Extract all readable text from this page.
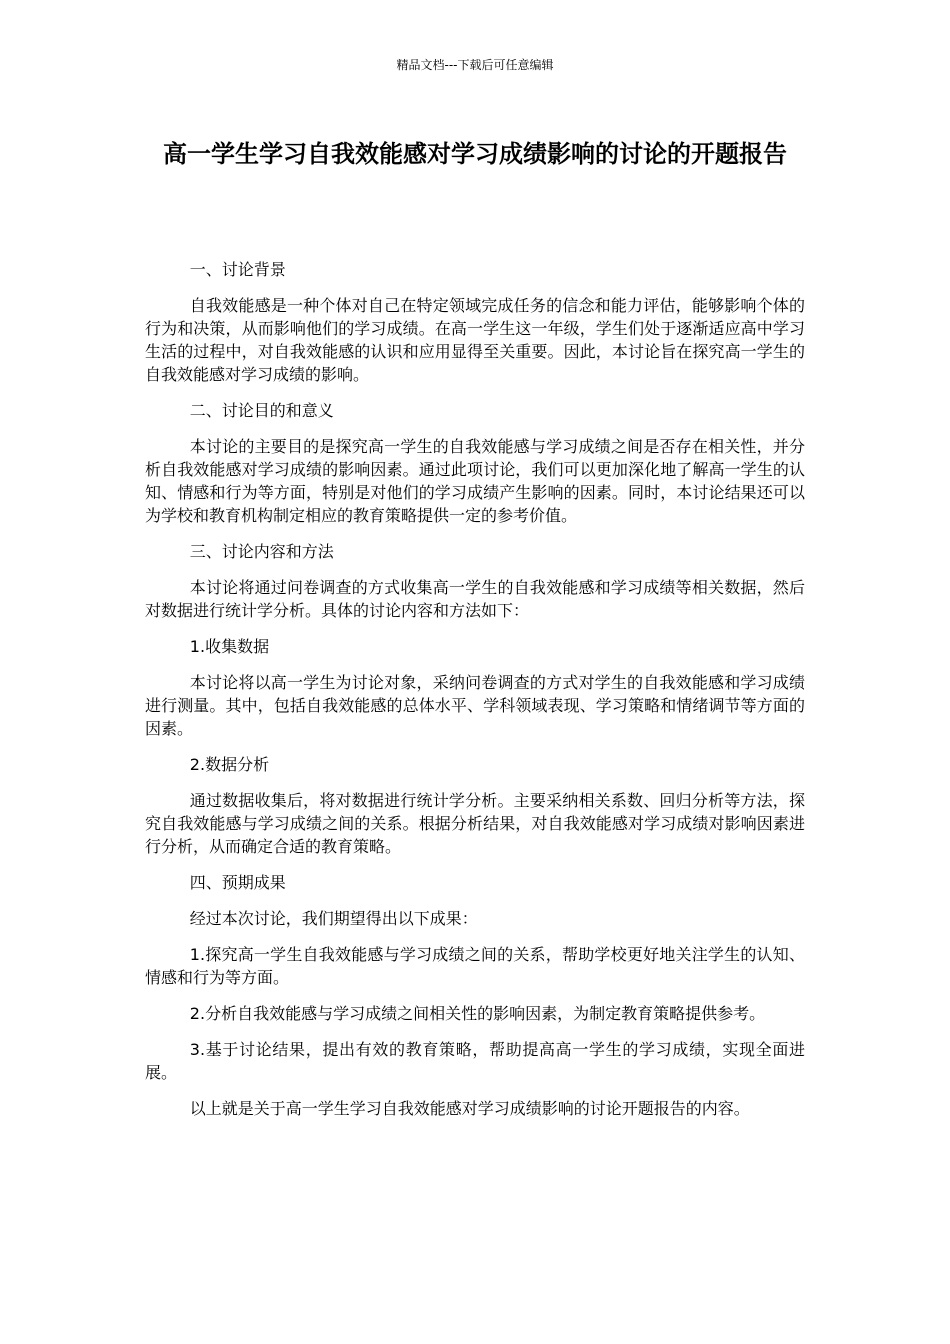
精品文档---下载后可任意编辑
高一学生学习自我效能感对学习成绩影响的讨论的开题报告

一、讨论背景

自我效能感是一种个体对自己在特定领域完成任务的信念和能力评估，能够影响个体的行为和决策，从而影响他们的学习成绩。在高一学生这一年级，学生们处于逐渐适应高中学习生活的过程中，对自我效能感的认识和应用显得至关重要。因此，本讨论旨在探究高一学生的自我效能感对学习成绩的影响。

二、讨论目的和意义

本讨论的主要目的是探究高一学生的自我效能感与学习成绩之间是否存在相关性，并分析自我效能感对学习成绩的影响因素。通过此项讨论，我们可以更加深化地了解高一学生的认知、情感和行为等方面，特别是对他们的学习成绩产生影响的因素。同时，本讨论结果还可以为学校和教育机构制定相应的教育策略提供一定的参考价值。

三、讨论内容和方法

本讨论将通过问卷调查的方式收集高一学生的自我效能感和学习成绩等相关数据，然后对数据进行统计学分析。具体的讨论内容和方法如下：

1.收集数据

本讨论将以高一学生为讨论对象，采纳问卷调查的方式对学生的自我效能感和学习成绩进行测量。其中，包括自我效能感的总体水平、学科领域表现、学习策略和情绪调节等方面的因素。

2.数据分析

通过数据收集后，将对数据进行统计学分析。主要采纳相关系数、回归分析等方法，探究自我效能感与学习成绩之间的关系。根据分析结果，对自我效能感对学习成绩对影响因素进行分析，从而确定合适的教育策略。

四、预期成果

经过本次讨论，我们期望得出以下成果：

1.探究高一学生自我效能感与学习成绩之间的关系，帮助学校更好地关注学生的认知、情感和行为等方面。

2.分析自我效能感与学习成绩之间相关性的影响因素，为制定教育策略提供参考。

3.基于讨论结果，提出有效的教育策略，帮助提高高一学生的学习成绩，实现全面进展。

以上就是关于高一学生学习自我效能感对学习成绩影响的讨论开题报告的内容。
